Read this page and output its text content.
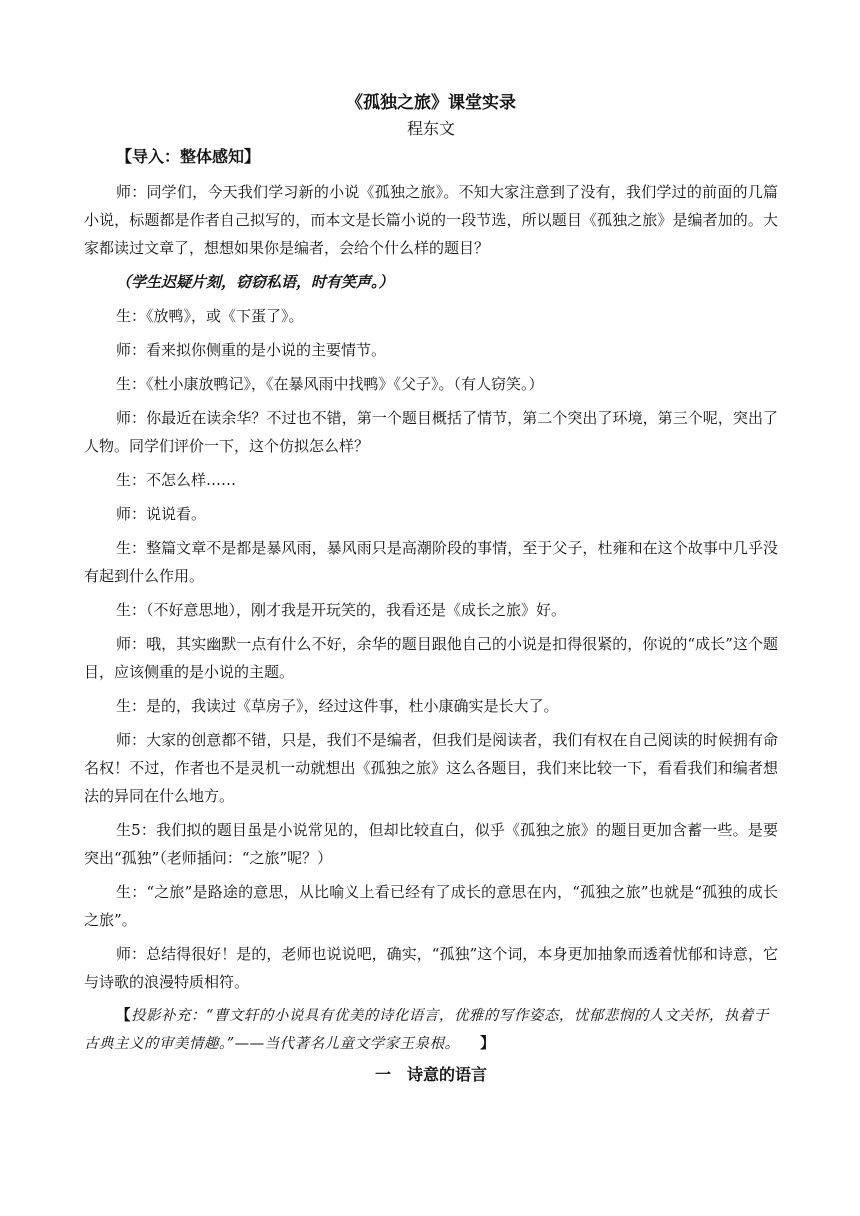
《孤独之旅》课堂实录
程东文
【导入：整体感知】

师：同学们，今天我们学习新的小说《孤独之旅》。不知大家注意到了没有，我们学过的前面的几篇小说，标题都是作者自己拟写的，而本文是长篇小说的一段节选，所以题目《孤独之旅》是编者加的。大家都读过文章了，想想如果你是编者，会给个什么样的题目？

（学生迟疑片刻，窃窃私语，时有笑声。）

生：《放鸭》，或《下蛋了》。

师：看来拟你侧重的是小说的主要情节。

生：《杜小康放鸭记》，《在暴风雨中找鸭》《父子》。（有人窃笑。）

师：你最近在读余华？不过也不错，第一个题目概括了情节，第二个突出了环境，第三个呢，突出了人物。同学们评价一下，这个仿拟怎么样？

生：不怎么样……

师：说说看。

生：整篇文章不是都是暴风雨，暴风雨只是高潮阶段的事情，至于父子，杜雍和在这个故事中几乎没有起到什么作用。

生：（不好意思地），刚才我是开玩笑的，我看还是《成长之旅》好。

师：哦，其实幽默一点有什么不好，余华的题目跟他自己的小说是扣得很紧的，你说的“成长”这个题目，应该侧重的是小说的主题。

生：是的，我读过《草房子》，经过这件事，杜小康确实是长大了。

师：大家的创意都不错，只是，我们不是编者，但我们是阅读者，我们有权在自己阅读的时候拥有命名权！不过，作者也不是灵机一动就想出《孤独之旅》这么各题目，我们来比较一下，看看我们和编者想法的异同在什么地方。

生5：我们拟的题目虽是小说常见的，但却比较直白，似乎《孤独之旅》的题目更加含蓄一些。是要突出“孤独”（老师插问：“之旅”呢？）

生：“之旅”是路途的意思，从比喻义上看已经有了成长的意思在内，“孤独之旅”也就是“孤独的成长之旅”。

师：总结得很好！是的，老师也说说吧，确实，“孤独”这个词，本身更加抽象而透着忧郁和诗意，它与诗歌的浪漫特质相符。

【投影补充：“曹文轩的小说具有优美的诗化语言，优雅的写作姿态，忧郁悲悯的人文关怀，执着于古典主义的审美情趣。”——当代著名儿童文学家王泉根。 】

一　诗意的语言
